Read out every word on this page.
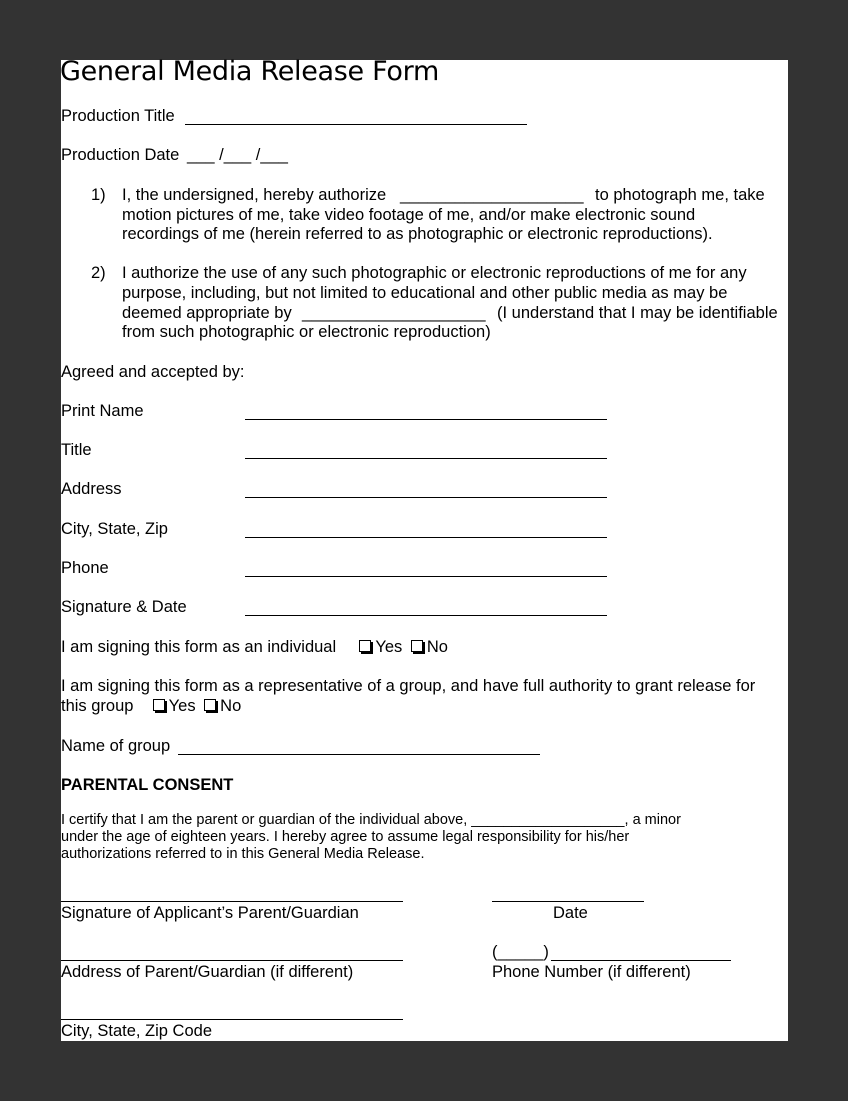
General Media Release Form
Production Title
Production Date ___ /___ /___
1) I, the undersigned, hereby authorize ____________________ to photograph me, take
motion pictures of me, take video footage of me, and/or make electronic sound recordings of me (herein referred to as photographic or electronic reproductions).
2) I authorize the use of any such photographic or electronic reproductions of me for any
purpose, including, but not limited to educational and other public media as may be
deemed appropriate by ____________________ (I understand that I may be identifiable
from such photographic or electronic reproduction)
Agreed and accepted by:
Print Name
Title
Address
City, State, Zip
Phone
Signature & Date
I am signing this form as an individual Yes No
I am signing this form as a representative of a group, and have full authority to grant release for
this group Yes No
Name of group
PARENTAL CONSENT
I certify that I am the parent or guardian of the individual above, ___________________, a minor
under the age of eighteen years. I hereby agree to assume legal responsibility for his/her
authorizations referred to in this General Media Release.
Signature of Applicant’s Parent/Guardian	Date
Address of Parent/Guardian (if different)
(_____)
Phone Number (if different)
City, State, Zip Code
